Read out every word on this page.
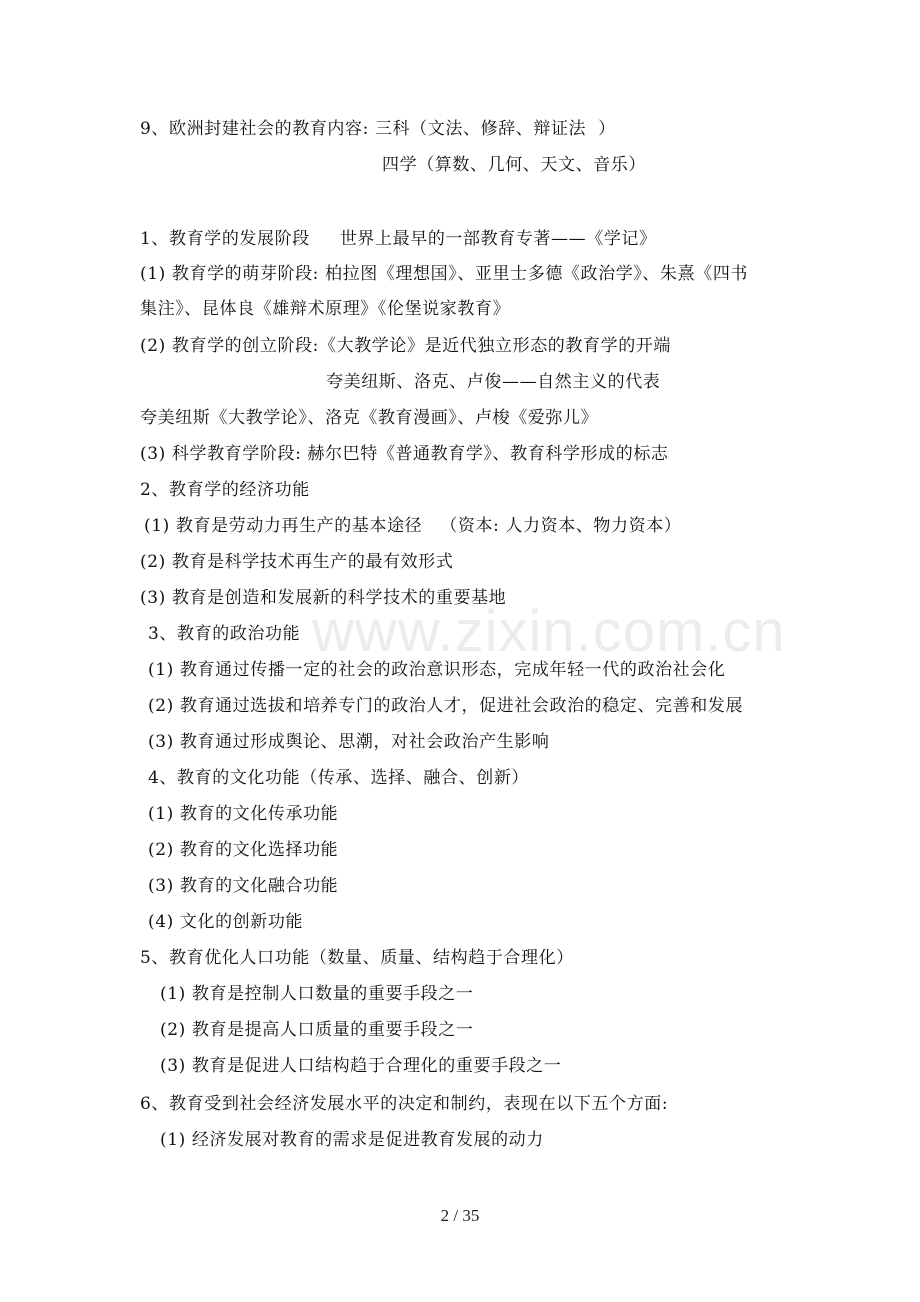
9、欧洲封建社会的教育内容: 三科（文法、修辞、辩证法  ）
四学（算数、几何、天文、音乐）
1、教育学的发展阶段     世界上最早的一部教育专著——《学记》
(1) 教育学的萌芽阶段: 柏拉图《理想国》、亚里士多德《政治学》、朱熹《四书
集注》、昆体良《雄辩术原理》《伦堡说家教育》
(2) 教育学的创立阶段:《大教学论》是近代独立形态的教育学的开端
夸美纽斯、洛克、卢俊——自然主义的代表
夸美纽斯《大教学论》、洛克《教育漫画》、卢梭《爱弥儿》
(3) 科学教育学阶段: 赫尔巴特《普通教育学》、教育科学形成的标志
2、教育学的经济功能
(1) 教育是劳动力再生产的基本途径   （资本: 人力资本、物力资本）
(2) 教育是科学技术再生产的最有效形式
(3) 教育是创造和发展新的科学技术的重要基地
3、教育的政治功能
(1) 教育通过传播一定的社会的政治意识形态，完成年轻一代的政治社会化
(2) 教育通过选拔和培养专门的政治人才，促进社会政治的稳定、完善和发展
(3) 教育通过形成舆论、思潮，对社会政治产生影响
4、教育的文化功能（传承、选择、融合、创新）
(1) 教育的文化传承功能
(2) 教育的文化选择功能
(3) 教育的文化融合功能
(4) 文化的创新功能
5、教育优化人口功能（数量、质量、结构趋于合理化）
(1) 教育是控制人口数量的重要手段之一
(2) 教育是提高人口质量的重要手段之一
(3) 教育是促进人口结构趋于合理化的重要手段之一
6、教育受到社会经济发展水平的决定和制约，表现在以下五个方面:
(1) 经济发展对教育的需求是促进教育发展的动力
www.zixin.com.cn
2 / 35
